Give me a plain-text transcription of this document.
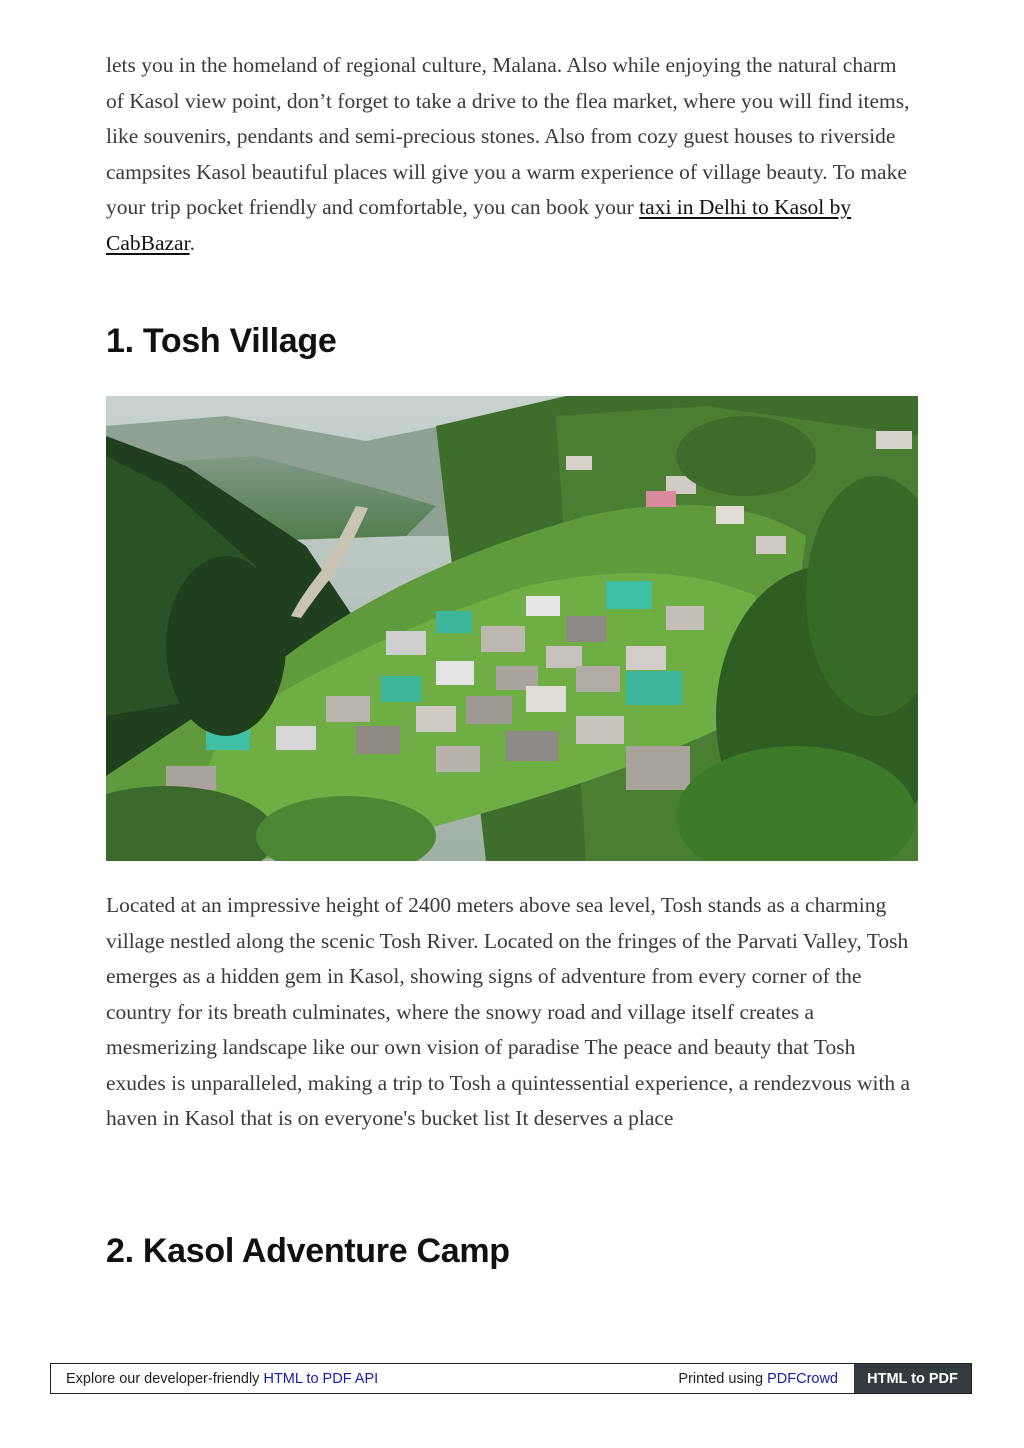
lets you in the homeland of regional culture, Malana. Also while enjoying the natural charm of Kasol view point, don’t forget to take a drive to the flea market, where you will find items, like souvenirs, pendants and semi-precious stones. Also from cozy guest houses to riverside campsites Kasol beautiful places will give you a warm experience of village beauty. To make your trip pocket friendly and comfortable, you can book your taxi in Delhi to Kasol by CabBazar.

1. Tosh Village

Located at an impressive height of 2400 meters above sea level, Tosh stands as a charming village nestled along the scenic Tosh River. Located on the fringes of the Parvati Valley, Tosh emerges as a hidden gem in Kasol, showing signs of adventure from every corner of the country for its breath culminates, where the snowy road and village itself creates a mesmerizing landscape like our own vision of paradise The peace and beauty that Tosh exudes is unparalleled, making a trip to Tosh a quintessential experience, a rendezvous with a haven in Kasol that is on everyone's bucket list It deserves a place

2. Kasol Adventure Camp
Explore our developer-friendly HTML to PDF API	Printed using PDFCrowd	HTML to PDF
